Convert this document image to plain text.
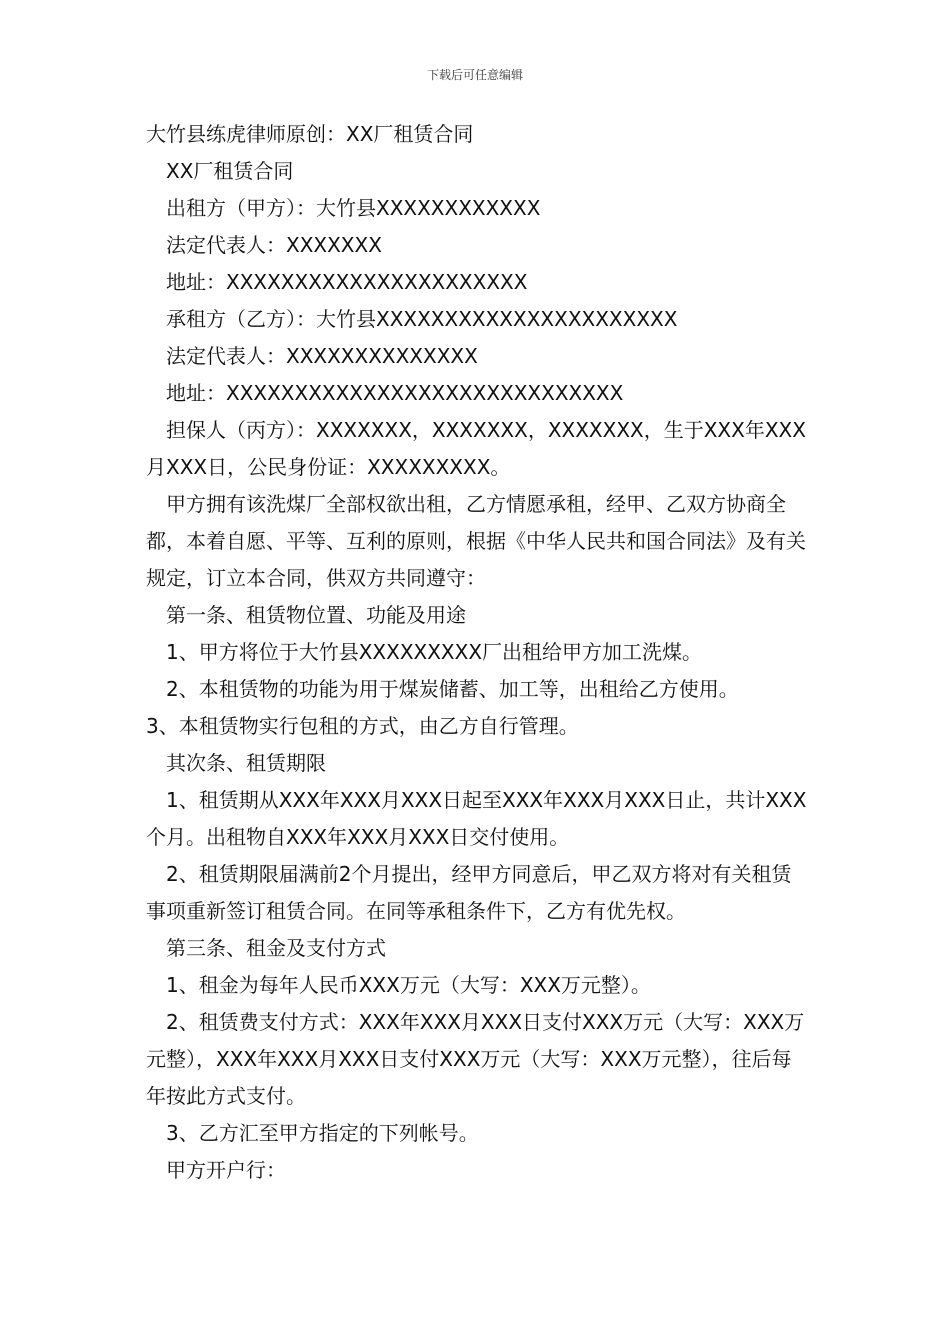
下载后可任意编辑

大竹县练虎律师原创：XX厂租赁合同

XX厂租赁合同

出租方（甲方）：大竹县XXXXXXXXXXXX

法定代表人：XXXXXXX

地址：XXXXXXXXXXXXXXXXXXXXXX

承租方（乙方）：大竹县XXXXXXXXXXXXXXXXXXXXXX

法定代表人：XXXXXXXXXXXXXX

地址：XXXXXXXXXXXXXXXXXXXXXXXXXXXXX

担保人（丙方）：XXXXXXX，XXXXXXX，XXXXXXX，生于XXX年XXX月XXX日，公民身份证：XXXXXXXXX。

甲方拥有该洗煤厂全部权欲出租，乙方情愿承租，经甲、乙双方协商全都，本着自愿、平等、互利的原则，根据《中华人民共和国合同法》及有关规定，订立本合同，供双方共同遵守：

第一条、租赁物位置、功能及用途

1、甲方将位于大竹县XXXXXXXXX厂出租给甲方加工洗煤。

2、本租赁物的功能为用于煤炭储蓄、加工等，出租给乙方使用。

3、本租赁物实行包租的方式，由乙方自行管理。

其次条、租赁期限

1、租赁期从XXX年XXX月XXX日起至XXX年XXX月XXX日止，共计XXX个月。出租物自XXX年XXX月XXX日交付使用。

2、租赁期限届满前2个月提出，经甲方同意后，甲乙双方将对有关租赁事项重新签订租赁合同。在同等承租条件下，乙方有优先权。

第三条、租金及支付方式

1、租金为每年人民币XXX万元（大写：XXX万元整）。

2、租赁费支付方式：XXX年XXX月XXX日支付XXX万元（大写：XXX万元整），XXX年XXX月XXX日支付XXX万元（大写：XXX万元整），往后每年按此方式支付。

3、乙方汇至甲方指定的下列帐号。

甲方开户行：
